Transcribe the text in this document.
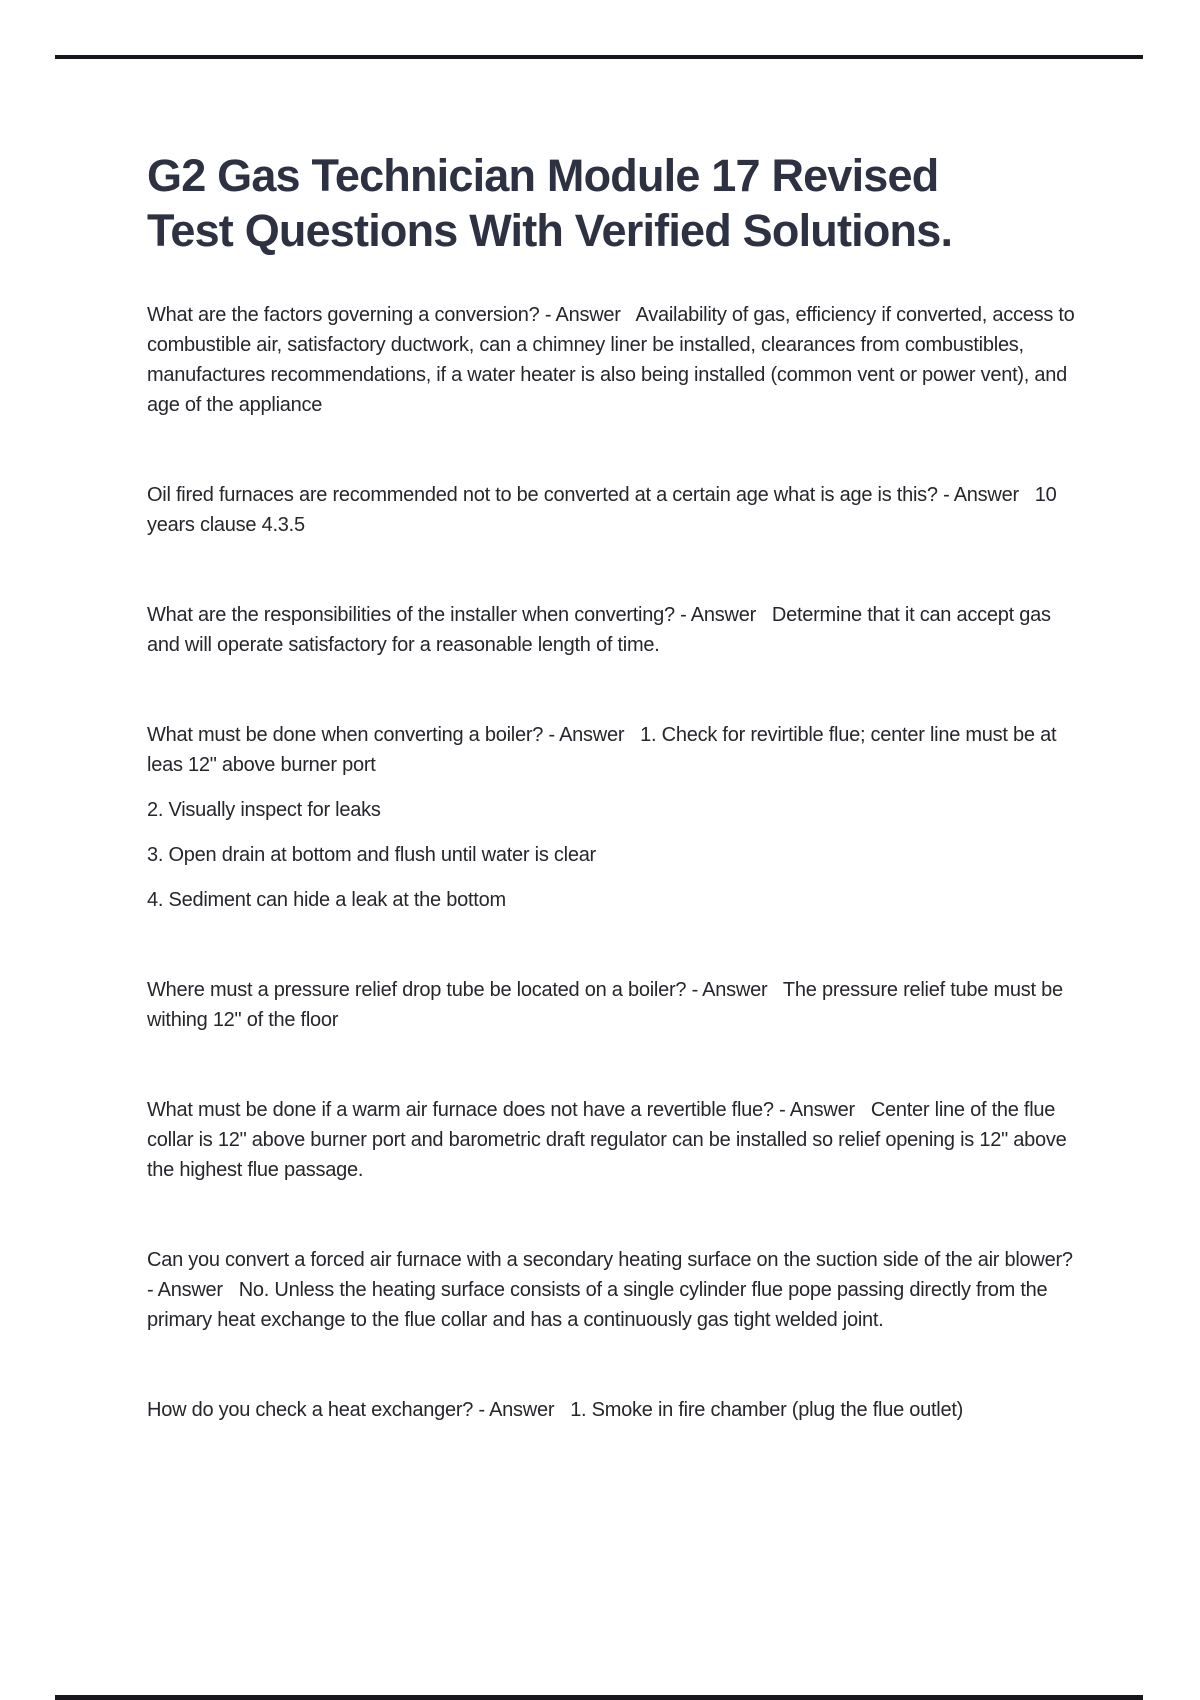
G2 Gas Technician Module 17 Revised
Test Questions With Verified Solutions.

What are the factors governing a conversion? - Answer   Availability of gas, efficiency if converted, access to combustible air, satisfactory ductwork, can a chimney liner be installed, clearances from combustibles, manufactures recommendations, if a water heater is also being installed (common vent or power vent), and age of the appliance

Oil fired furnaces are recommended not to be converted at a certain age what is age is this? - Answer   10 years clause 4.3.5

What are the responsibilities of the installer when converting? - Answer   Determine that it can accept gas and will operate satisfactory for a reasonable length of time.

What must be done when converting a boiler? - Answer   1. Check for revirtible flue; center line must be at leas 12" above burner port

2. Visually inspect for leaks

3. Open drain at bottom and flush until water is clear

4. Sediment can hide a leak at the bottom

Where must a pressure relief drop tube be located on a boiler? - Answer   The pressure relief tube must be withing 12" of the floor

What must be done if a warm air furnace does not have a revertible flue? - Answer   Center line of the flue collar is 12" above burner port and barometric draft regulator can be installed so relief opening is 12" above the highest flue passage.

Can you convert a forced air furnace with a secondary heating surface on the suction side of the air blower? - Answer   No. Unless the heating surface consists of a single cylinder flue pope passing directly from the primary heat exchange to the flue collar and has a continuously gas tight welded joint.

How do you check a heat exchanger? - Answer   1. Smoke in fire chamber (plug the flue outlet)
